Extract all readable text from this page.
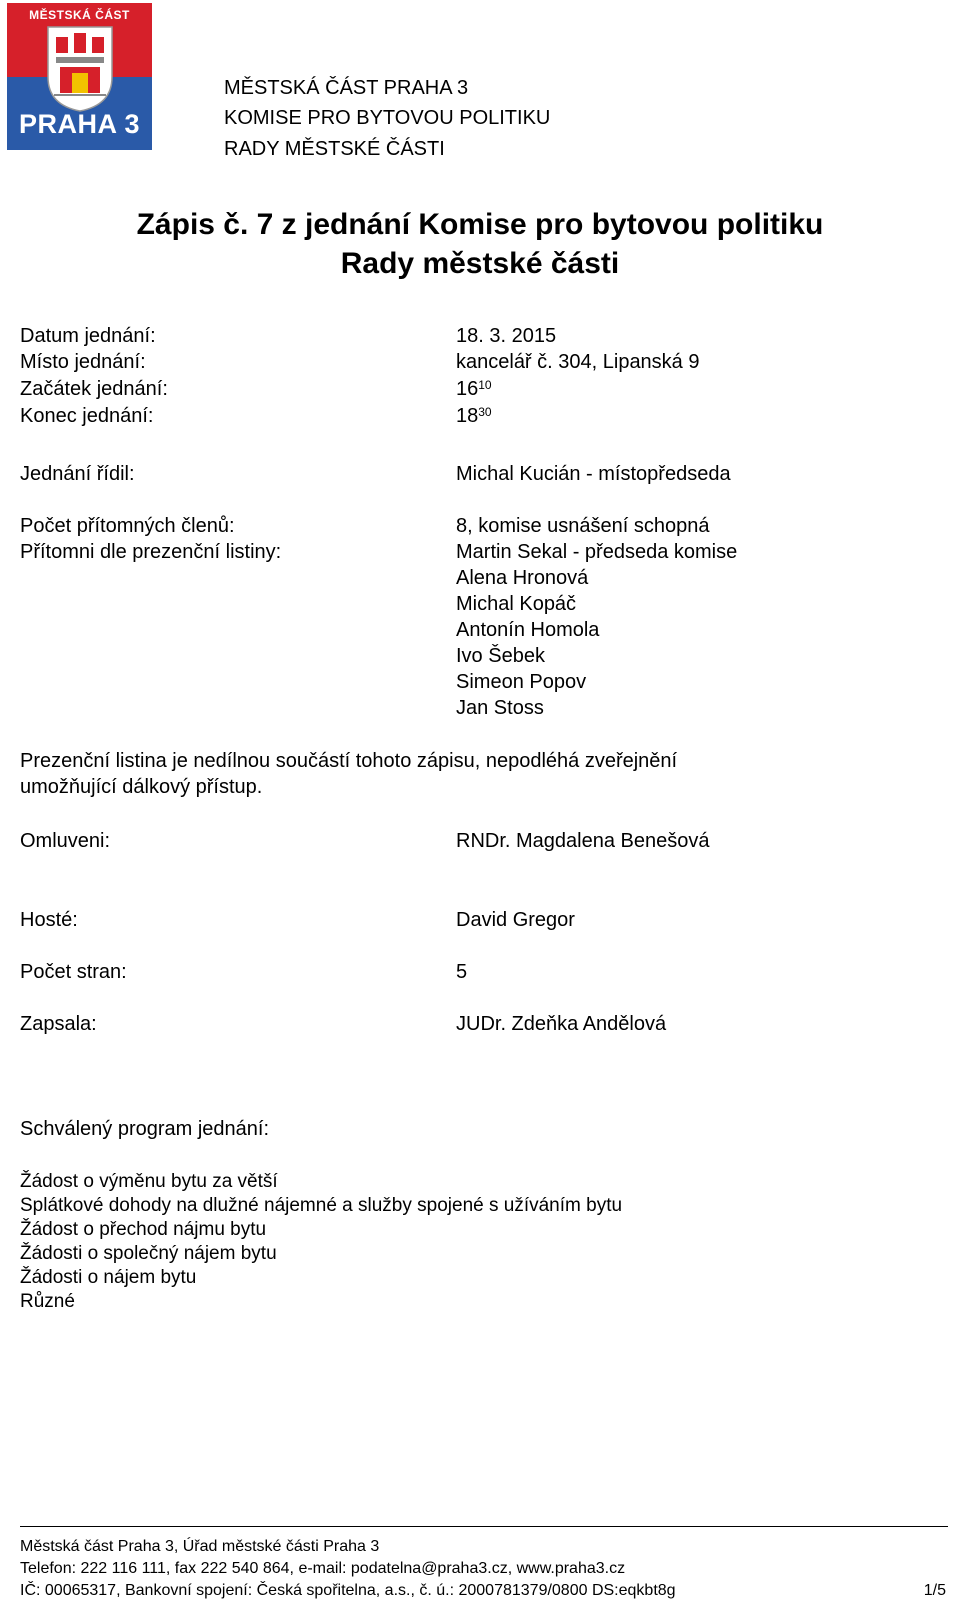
MĚSTSKÁ ČÁST
PRAHA 3
MĚSTSKÁ ČÁST PRAHA 3
KOMISE PRO BYTOVOU POLITIKU
RADY MĚSTSKÉ ČÁSTI
Zápis č. 7 z jednání Komise pro bytovou politiku
Rady městské části
Datum jednání:	18. 3. 2015
Místo jednání:	kancelář č. 304, Lipanská 9
Začátek jednání:	$16^{10}$
Konec jednání:	$18^{30}$
Jednání řídil:	Michal Kucián - místopředseda
Počet přítomných členů:	8, komise usnášení schopná
Přítomni dle prezenční listiny:	Martin Sekal - předseda komise
Alena Hronová
Michal Kopáč
Antonín Homola
Ivo Šebek
Simeon Popov
Jan Stoss
Prezenční listina je nedílnou součástí tohoto zápisu, nepodléhá zveřejnění
umožňující dálkový přístup.
Omluveni:	RNDr. Magdalena Benešová
Hosté:	David Gregor
Počet stran:	5
Zapsala:	JUDr. Zdeňka Andělová
Schválený program jednání:
Žádost o výměnu bytu za větší
Splátkové dohody na dlužné nájemné a služby spojené s užíváním bytu
Žádost o přechod nájmu bytu
Žádosti o společný nájem bytu
Žádosti o nájem bytu
Různé
Městská část Praha 3, Úřad městské části Praha 3
Telefon: 222 116 111, fax 222 540 864, e-mail: podatelna@praha3.cz, www.praha3.cz
IČ: 00065317, Bankovní spojení: Česká spořitelna, a.s., č. ú.: 2000781379/0800 DS:eqkbt8g	1/5
